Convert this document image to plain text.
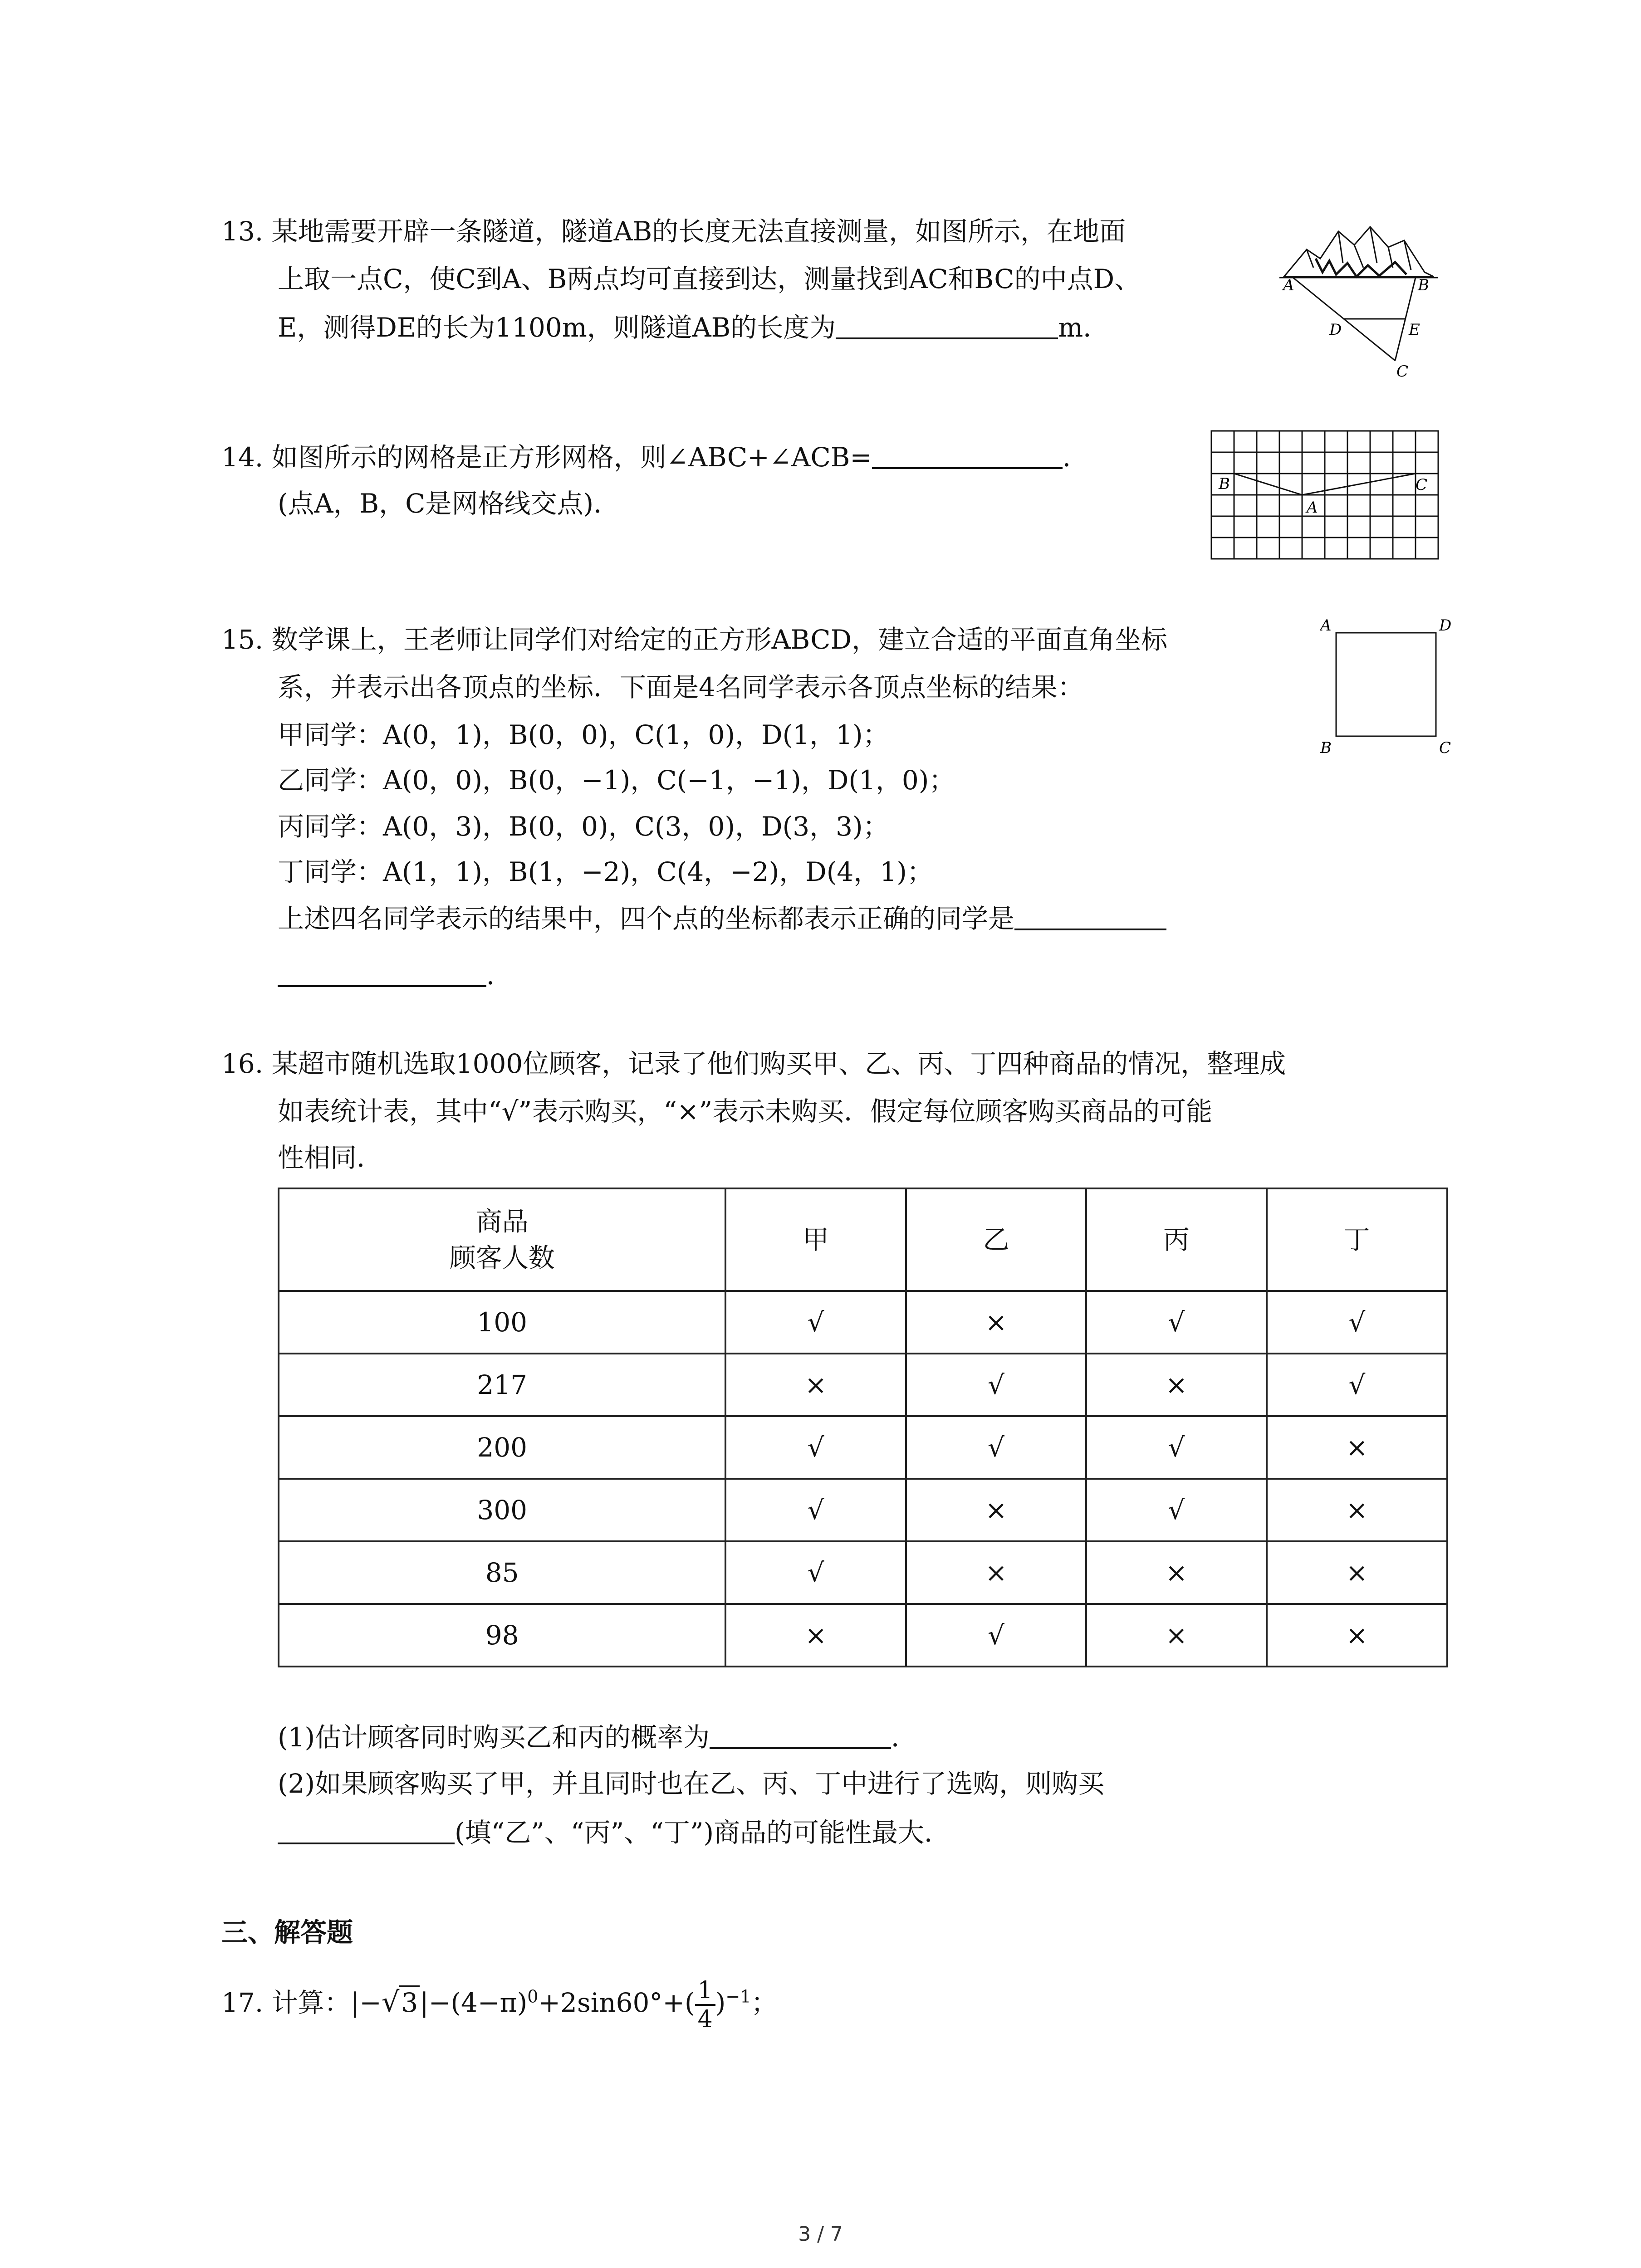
13. 某地需要开辟一条隧道，隧道AB的长度无法直接测量，如图所示，在地面
上取一点C，使C到A、B两点均可直接到达，测量找到AC和BC的中点D、
E，测得DE的长为1100m，则隧道AB的长度为	m．
A	B
D	E
C
14. 如图所示的网格是正方形网格，则∠ABC+∠ACB=	．
(点A，B，C是网格线交点)．
B	C
A
15. 数学课上，王老师让同学们对给定的正方形ABCD，建立合适的平面直角坐标
系，并表示出各顶点的坐标．下面是4名同学表示各顶点坐标的结果：
甲同学：A(0，1)，B(0，0)，C(1，0)，D(1，1)；
乙同学：A(0，0)，B(0，−1)，C(−1，−1)，D(1，0)；
丙同学：A(0，3)，B(0，0)，C(3，0)，D(3，3)；
丁同学：A(1，1)，B(1，−2)，C(4，−2)，D(4，1)；
上述四名同学表示的结果中，四个点的坐标都表示正确的同学是
．
A	D
B	C
16. 某超市随机选取1000位顾客，记录了他们购买甲、乙、丙、丁四种商品的情况，整理成
如表统计表，其中“√”表示购买，“×”表示未购买．假定每位顾客购买商品的可能
性相同．
商品
顾客人数	甲	乙	丙	丁
100	√	×	√	√
217	×	√	×	√
200	√	√	√	×
300	√	×	√	×
85	√	×	×	×
98	×	√	×	×
(1)估计顾客同时购买乙和丙的概率为	．
(2)如果顾客购买了甲，并且同时也在乙、丙、丁中进行了选购，则购买
(填“乙”、“丙”、“丁”)商品的可能性最大．
三、解答题
17. 计算：$|-√3|-(4-\pi)^0+2\sin 60^\circ+( \frac{1}{4} )^{-1}$；
3 / 7
